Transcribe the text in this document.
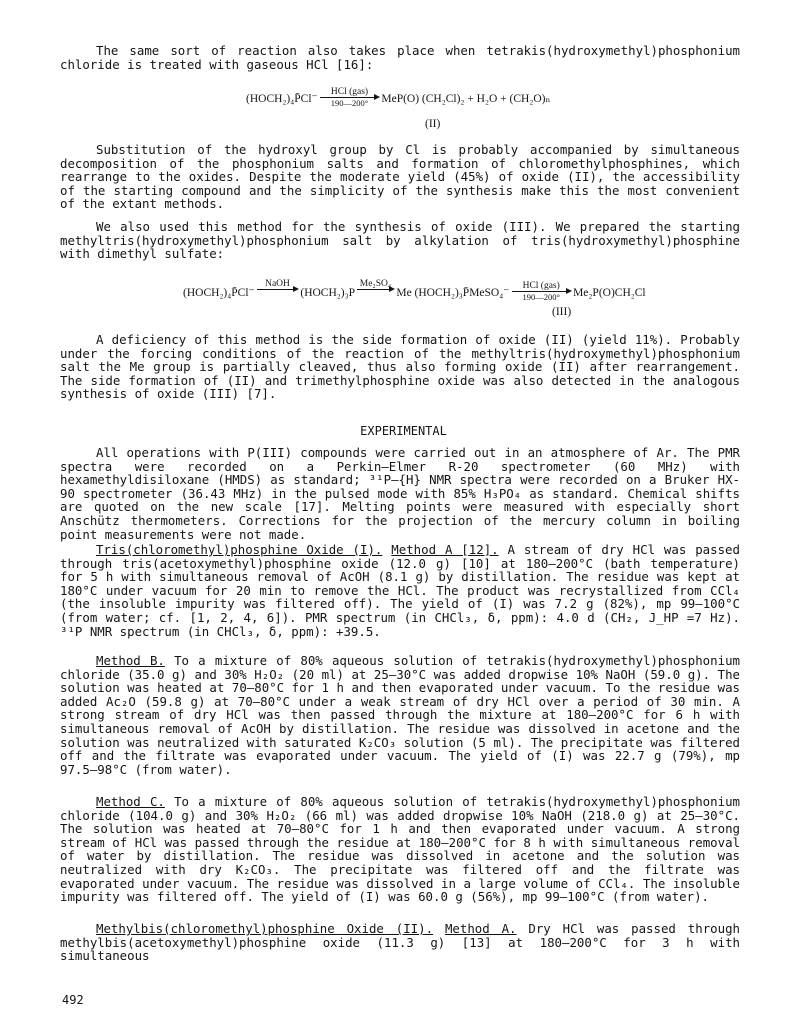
The same sort of reaction also takes place when tetrakis(hydroxymethyl)phosphonium chloride is treated with gaseous HCl [16]:

(HOCH₂)₄P̄Cl⁻
HCl (gas)
190—200°	MeP(O) (CH₂Cl)₂ + H₂O + (CH₂O)ₙ
(II)

Substitution of the hydroxyl group by Cl is probably accompanied by simultaneous decomposition of the phosphonium salts and formation of chloromethylphosphines, which rearrange to the oxides. Despite the moderate yield (45%) of oxide (II), the accessibility of the starting compound and the simplicity of the synthesis make this the most convenient of the extant methods.

We also used this method for the synthesis of oxide (III). We prepared the starting methyltris(hydroxymethyl)phosphonium salt by alkylation of tris(hydroxymethyl)phosphine with dimethyl sulfate:

(HOCH₂)₄P̄Cl⁻
NaOH

(HOCH₂)₃P
Me₂SO₄

Me (HOCH₂)₃P̄MeSO₄⁻
HCl (gas)
190—200°	Me₂P(O)CH₂Cl
(III)

A deficiency of this method is the side formation of oxide (II) (yield 11%). Probably under the forcing conditions of the reaction of the methyltris(hydroxymethyl)phosphonium salt the Me group is partially cleaved, thus also forming oxide (II) after rearrangement. The side formation of (II) and trimethylphosphine oxide was also detected in the analogous synthesis of oxide (III) [7].

EXPERIMENTAL

All operations with P(III) compounds were carried out in an atmosphere of Ar. The PMR spectra were recorded on a Perkin–Elmer R-20 spectrometer (60 MHz) with hexamethyldisiloxane (HMDS) as standard; ³¹P–{H} NMR spectra were recorded on a Bruker HX-90 spectrometer (36.43 MHz) in the pulsed mode with 85% H₃PO₄ as standard. Chemical shifts are quoted on the new scale [17]. Melting points were measured with especially short Anschütz thermometers. Corrections for the projection of the mercury column in boiling point measurements were not made.

Tris(chloromethyl)phosphine Oxide (I). Method A [12]. A stream of dry HCl was passed through tris(acetoxymethyl)phosphine oxide (12.0 g) [10] at 180–200°C (bath temperature) for 5 h with simultaneous removal of AcOH (8.1 g) by distillation. The residue was kept at 180°C under vacuum for 20 min to remove the HCl. The product was recrystallized from CCl₄ (the insoluble impurity was filtered off). The yield of (I) was 7.2 g (82%), mp 99–100°C (from water; cf. [1, 2, 4, 6]). PMR spectrum (in CHCl₃, δ, ppm): 4.0 d (CH₂, J_HP =7 Hz). ³¹P NMR spectrum (in CHCl₃, δ, ppm): +39.5.

Method B. To a mixture of 80% aqueous solution of tetrakis(hydroxymethyl)phosphonium chloride (35.0 g) and 30% H₂O₂ (20 ml) at 25–30°C was added dropwise 10% NaOH (59.0 g). The solution was heated at 70–80°C for 1 h and then evaporated under vacuum. To the residue was added Ac₂O (59.8 g) at 70–80°C under a weak stream of dry HCl over a period of 30 min. A strong stream of dry HCl was then passed through the mixture at 180–200°C for 6 h with simultaneous removal of AcOH by distillation. The residue was dissolved in acetone and the solution was neutralized with saturated K₂CO₃ solution (5 ml). The precipitate was filtered off and the filtrate was evaporated under vacuum. The yield of (I) was 22.7 g (79%), mp 97.5–98°C (from water).

Method C. To a mixture of 80% aqueous solution of tetrakis(hydroxymethyl)phosphonium chloride (104.0 g) and 30% H₂O₂ (66 ml) was added dropwise 10% NaOH (218.0 g) at 25–30°C. The solution was heated at 70–80°C for 1 h and then evaporated under vacuum. A strong stream of HCl was passed through the residue at 180–200°C for 8 h with simultaneous removal of water by distillation. The residue was dissolved in acetone and the solution was neutralized with dry K₂CO₃. The precipitate was filtered off and the filtrate was evaporated under vacuum. The residue was dissolved in a large volume of CCl₄. The insoluble impurity was filtered off. The yield of (I) was 60.0 g (56%), mp 99–100°C (from water).

Methylbis(chloromethyl)phosphine Oxide (II). Method A. Dry HCl was passed through methylbis(acetoxymethyl)phosphine oxide (11.3 g) [13] at 180–200°C for 3 h with simultaneous

492
